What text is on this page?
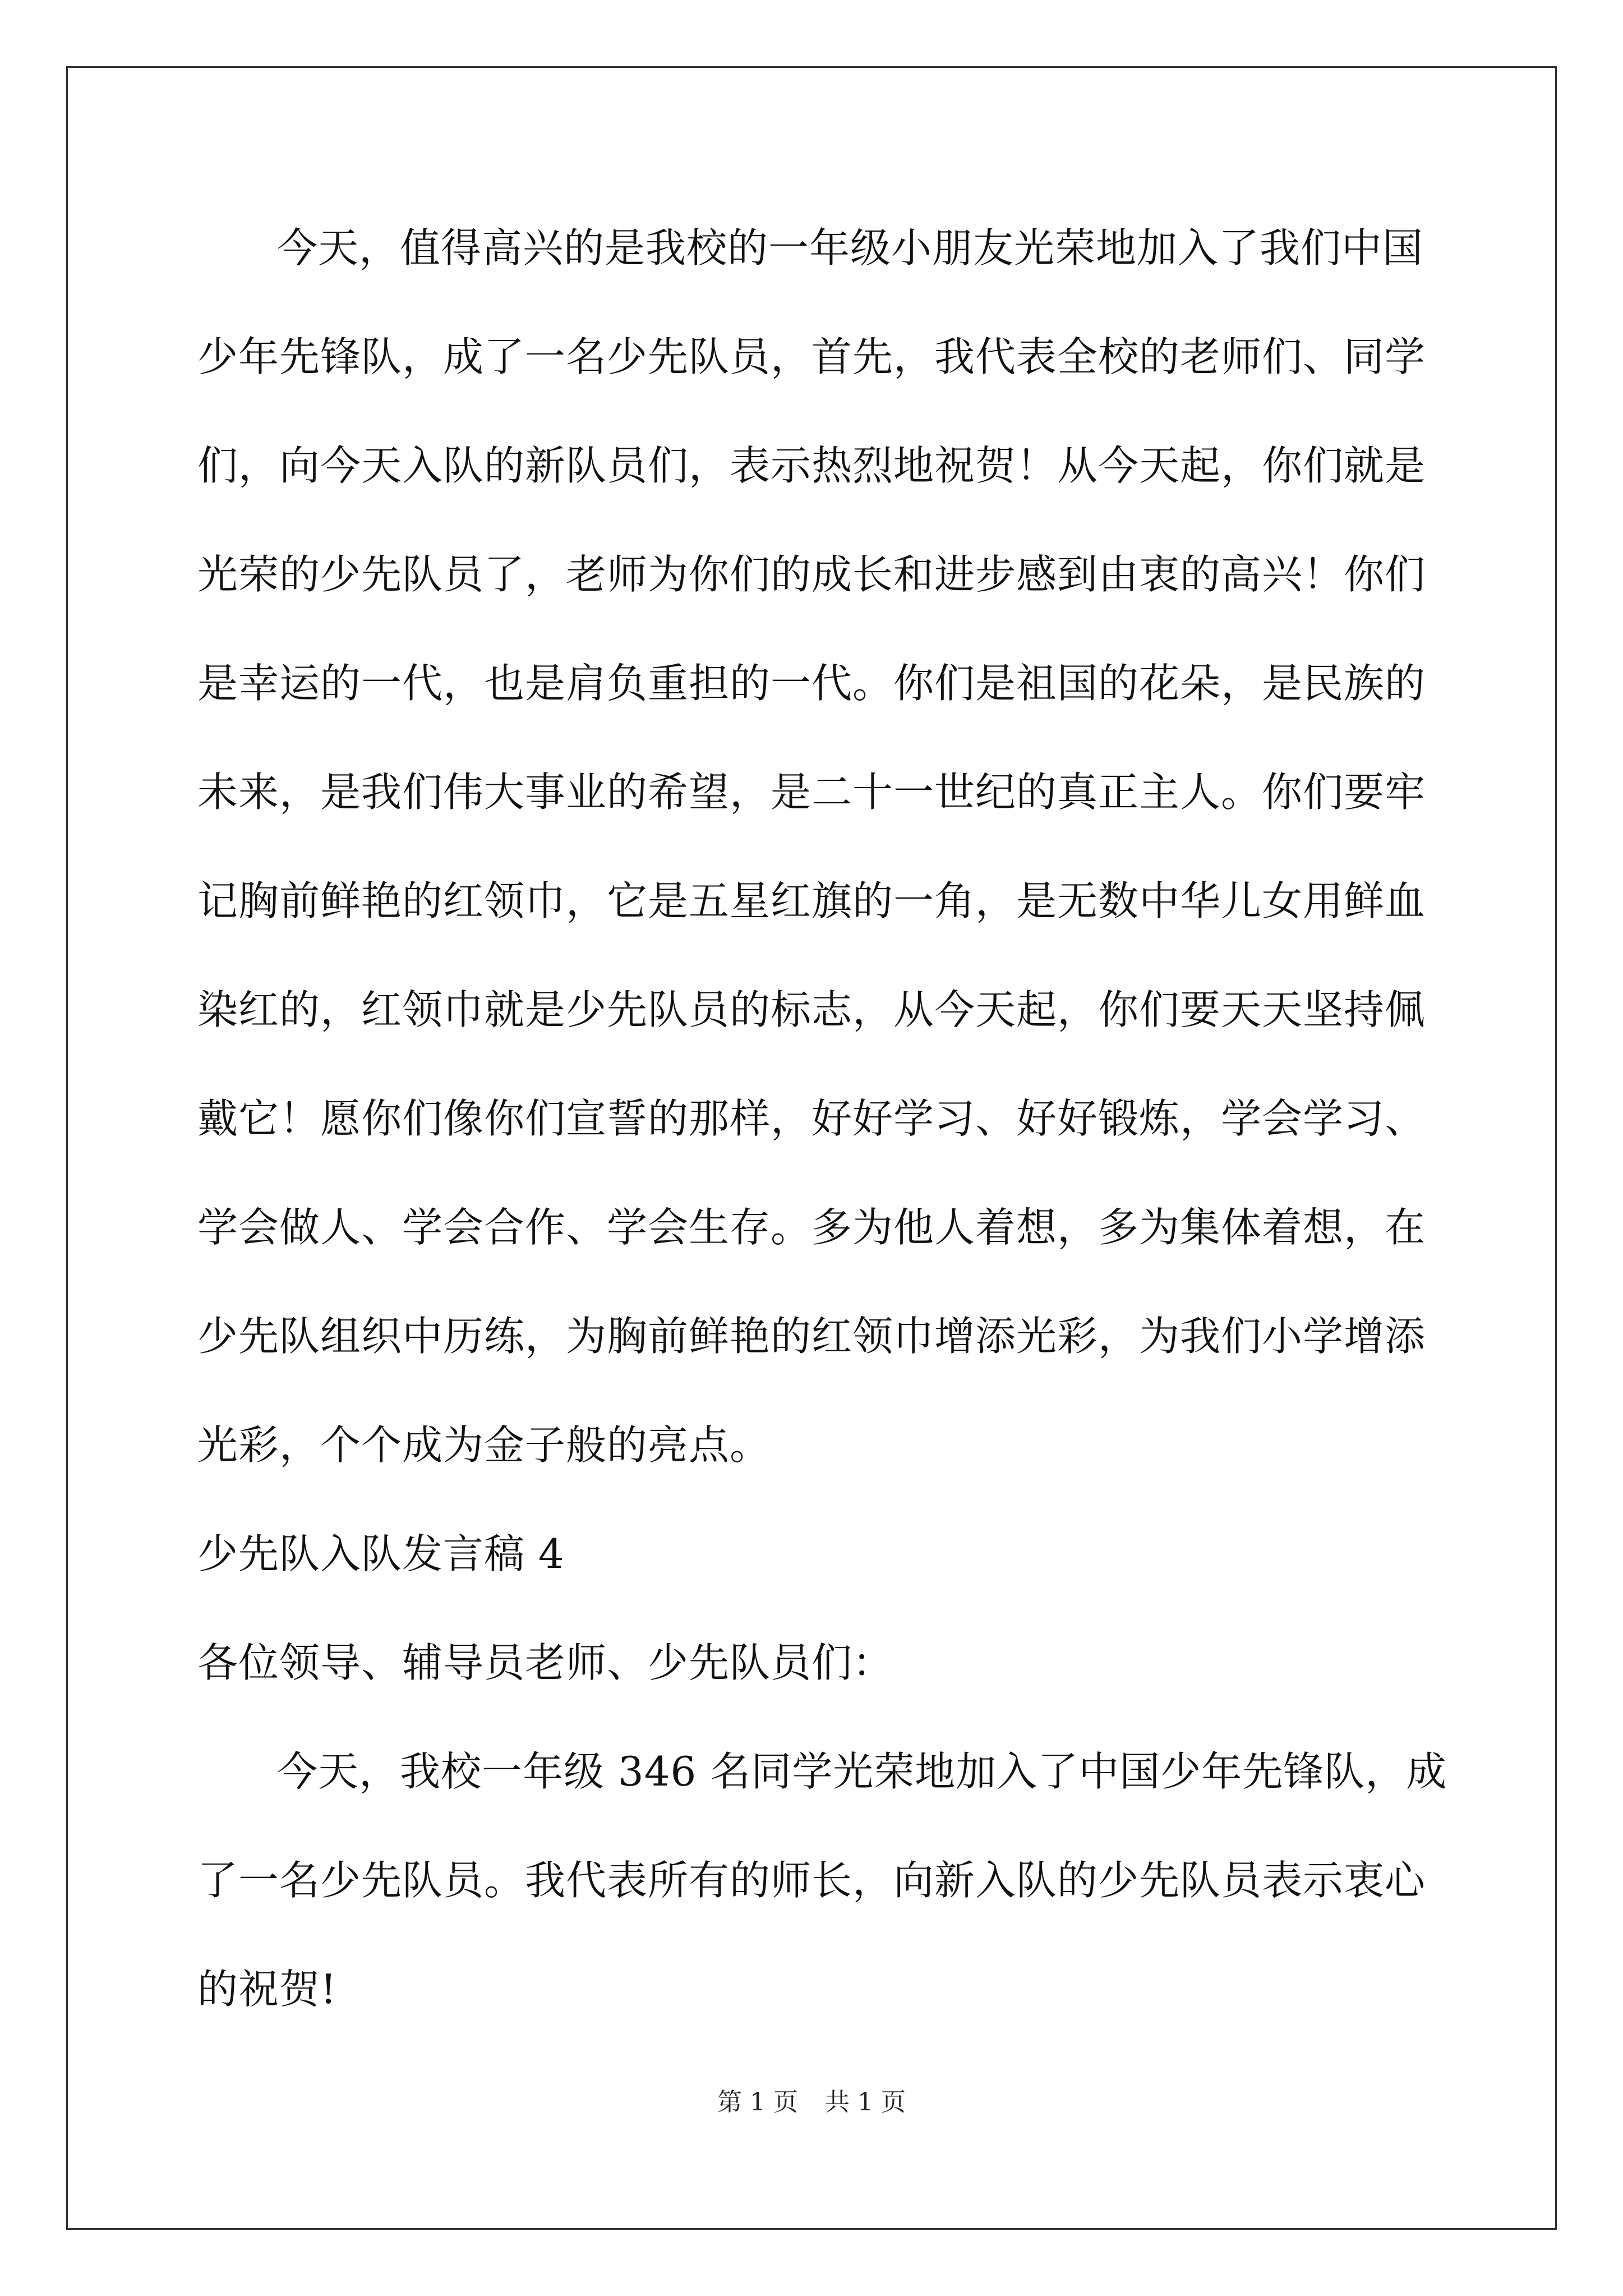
今天，值得高兴的是我校的一年级小朋友光荣地加入了我们中国
少年先锋队，成了一名少先队员，首先，我代表全校的老师们、同学
们，向今天入队的新队员们，表示热烈地祝贺！从今天起，你们就是
光荣的少先队员了，老师为你们的成长和进步感到由衷的高兴！你们
是幸运的一代，也是肩负重担的一代。你们是祖国的花朵，是民族的
未来，是我们伟大事业的希望，是二十一世纪的真正主人。你们要牢
记胸前鲜艳的红领巾，它是五星红旗的一角，是无数中华儿女用鲜血
染红的，红领巾就是少先队员的标志，从今天起，你们要天天坚持佩
戴它！愿你们像你们宣誓的那样，好好学习、好好锻炼，学会学习、
学会做人、学会合作、学会生存。多为他人着想，多为集体着想，在
少先队组织中历练，为胸前鲜艳的红领巾增添光彩，为我们小学增添
光彩，个个成为金子般的亮点。
少先队入队发言稿 4
各位领导、辅导员老师、少先队员们：
今天，我校一年级 346 名同学光荣地加入了中国少年先锋队，成
了一名少先队员。我代表所有的师长，向新入队的少先队员表示衷心
的祝贺!
第 1 页 共 1 页
